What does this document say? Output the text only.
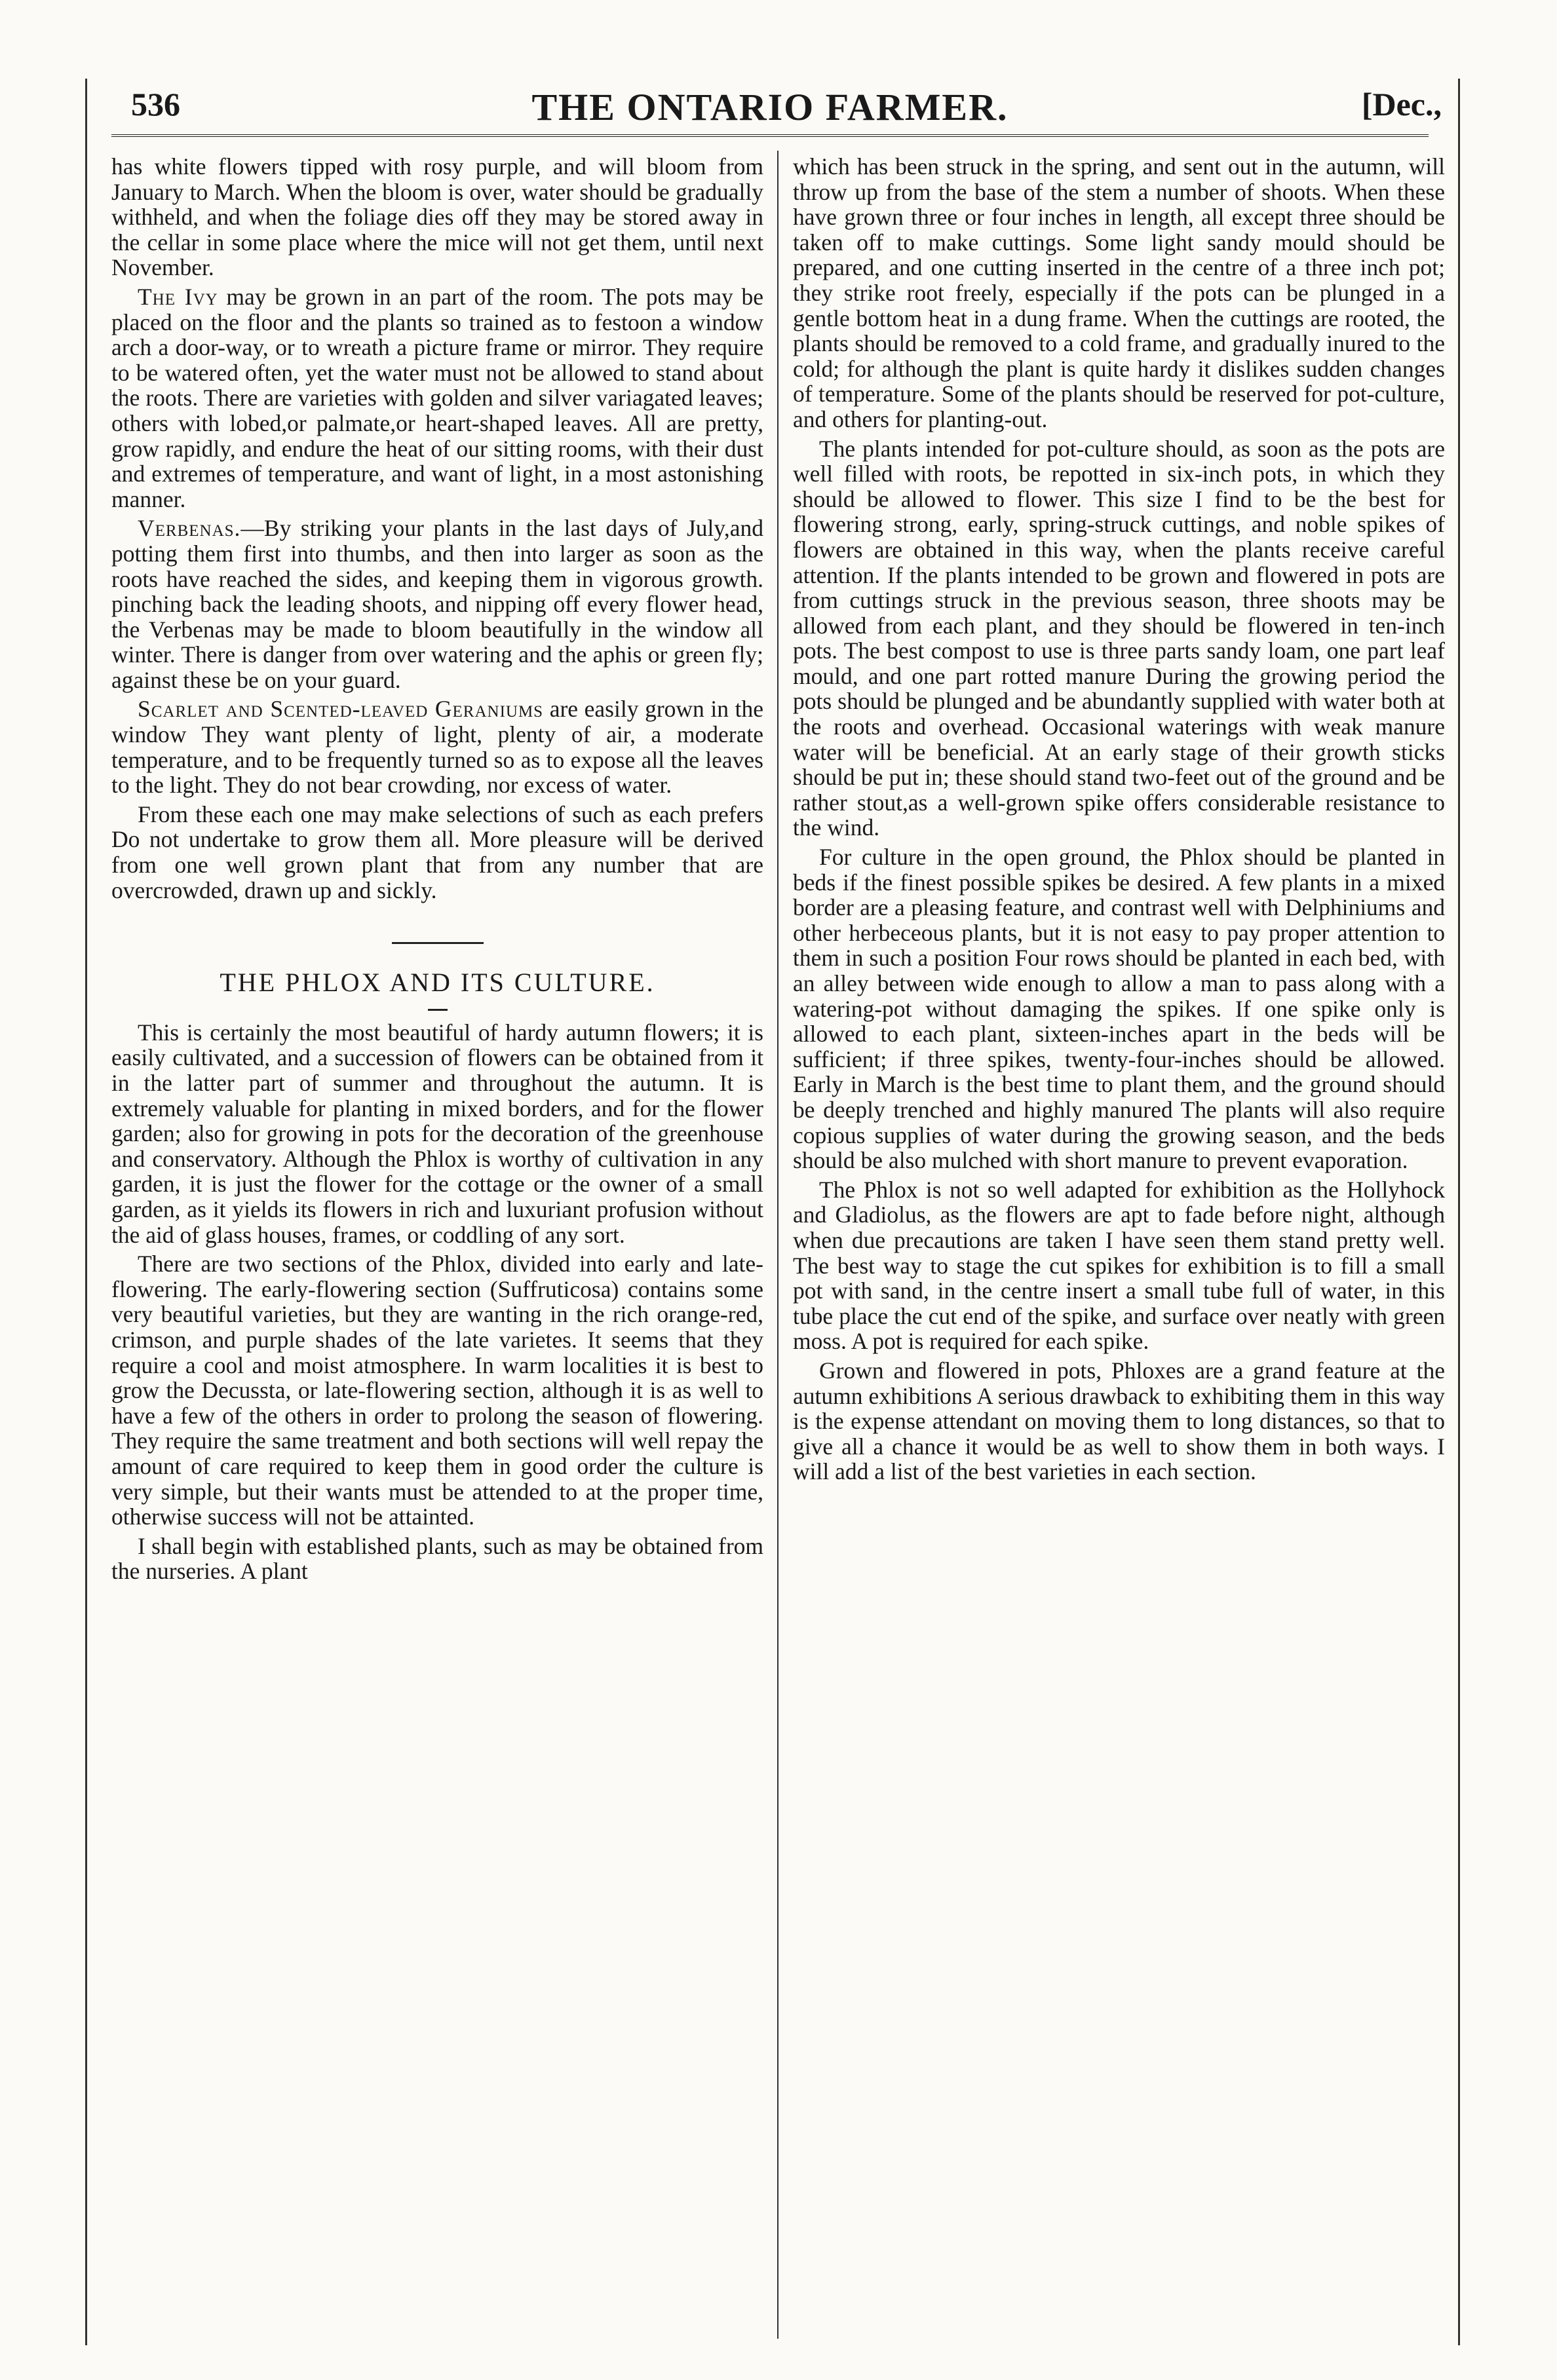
536	THE ONTARIO FARMER.	[Dec.,

has white flowers tipped with rosy purple, and will bloom from January to March. When the bloom is over, water should be gradually withheld, and when the foliage dies off they may be stored away in the cellar in some place where the mice will not get them, until next November.

The Ivy may be grown in an part of the room. The pots may be placed on the floor and the plants so trained as to festoon a window arch a door-way, or to wreath a picture frame or mirror. They require to be watered often, yet the water must not be allowed to stand about the roots. There are varieties with golden and silver variagated leaves; others with lobed,or palmate,or heart-shaped leaves. All are pretty, grow rapidly, and endure the heat of our sitting rooms, with their dust and extremes of temperature, and want of light, in a most astonishing manner.

Verbenas.—By striking your plants in the last days of July,and potting them first into thumbs, and then into larger as soon as the roots have reached the sides, and keeping them in vigorous growth. pinching back the leading shoots, and nipping off every flower head, the Verbenas may be made to bloom beautifully in the window all winter. There is danger from over watering and the aphis or green fly; against these be on your guard.

Scarlet and Scented-leaved Geraniums are easily grown in the window They want plenty of light, plenty of air, a moderate temperature, and to be frequently turned so as to expose all the leaves to the light. They do not bear crowding, nor excess of water.

From these each one may make selections of such as each prefers Do not undertake to grow them all. More pleasure will be derived from one well grown plant that from any number that are overcrowded, drawn up and sickly.

THE PHLOX AND ITS CULTURE.

This is certainly the most beautiful of hardy autumn flowers; it is easily cultivated, and a succession of flowers can be obtained from it in the latter part of summer and throughout the autumn. It is extremely valuable for planting in mixed borders, and for the flower garden; also for growing in pots for the decoration of the greenhouse and conservatory. Although the Phlox is worthy of cultivation in any garden, it is just the flower for the cottage or the owner of a small garden, as it yields its flowers in rich and luxuriant profusion without the aid of glass houses, frames, or coddling of any sort.

There are two sections of the Phlox, divided into early and late-flowering. The early-flowering section (Suffruticosa) contains some very beautiful varieties, but they are wanting in the rich orange-red, crimson, and purple shades of the late varietes. It seems that they require a cool and moist atmosphere. In warm localities it is best to grow the Decussta, or late-flowering section, although it is as well to have a few of the others in order to prolong the season of flowering. They require the same treatment and both sections will well repay the amount of care required to keep them in good order the culture is very simple, but their wants must be attended to at the proper time, otherwise success will not be attainted.

I shall begin with established plants, such as may be obtained from the nurseries. A plant

which has been struck in the spring, and sent out in the autumn, will throw up from the base of the stem a number of shoots. When these have grown three or four inches in length, all except three should be taken off to make cuttings. Some light sandy mould should be prepared, and one cutting inserted in the centre of a three inch pot; they strike root freely, especially if the pots can be plunged in a gentle bottom heat in a dung frame. When the cuttings are rooted, the plants should be removed to a cold frame, and gradually inured to the cold; for although the plant is quite hardy it dislikes sudden changes of temperature. Some of the plants should be reserved for pot-culture, and others for planting-out.

The plants intended for pot-culture should, as soon as the pots are well filled with roots, be repotted in six-inch pots, in which they should be allowed to flower. This size I find to be the best for flowering strong, early, spring-struck cuttings, and noble spikes of flowers are obtained in this way, when the plants receive careful attention. If the plants intended to be grown and flowered in pots are from cuttings struck in the previous season, three shoots may be allowed from each plant, and they should be flowered in ten-inch pots. The best compost to use is three parts sandy loam, one part leaf mould, and one part rotted manure During the growing period the pots should be plunged and be abundantly supplied with water both at the roots and overhead. Occasional waterings with weak manure water will be beneficial. At an early stage of their growth sticks should be put in; these should stand two-feet out of the ground and be rather stout,as a well-grown spike offers considerable resistance to the wind.

For culture in the open ground, the Phlox should be planted in beds if the finest possible spikes be desired. A few plants in a mixed border are a pleasing feature, and contrast well with Delphiniums and other herbeceous plants, but it is not easy to pay proper attention to them in such a position Four rows should be planted in each bed, with an alley between wide enough to allow a man to pass along with a watering-pot without damaging the spikes. If one spike only is allowed to each plant, sixteen-inches apart in the beds will be sufficient; if three spikes, twenty-four-inches should be allowed. Early in March is the best time to plant them, and the ground should be deeply trenched and highly manured The plants will also require copious supplies of water during the growing season, and the beds should be also mulched with short manure to prevent evaporation.

The Phlox is not so well adapted for exhibition as the Hollyhock and Gladiolus, as the flowers are apt to fade before night, although when due precautions are taken I have seen them stand pretty well. The best way to stage the cut spikes for exhibition is to fill a small pot with sand, in the centre insert a small tube full of water, in this tube place the cut end of the spike, and surface over neatly with green moss. A pot is required for each spike.

Grown and flowered in pots, Phloxes are a grand feature at the autumn exhibitions A serious drawback to exhibiting them in this way is the expense attendant on moving them to long distances, so that to give all a chance it would be as well to show them in both ways. I will add a list of the best varieties in each section.
